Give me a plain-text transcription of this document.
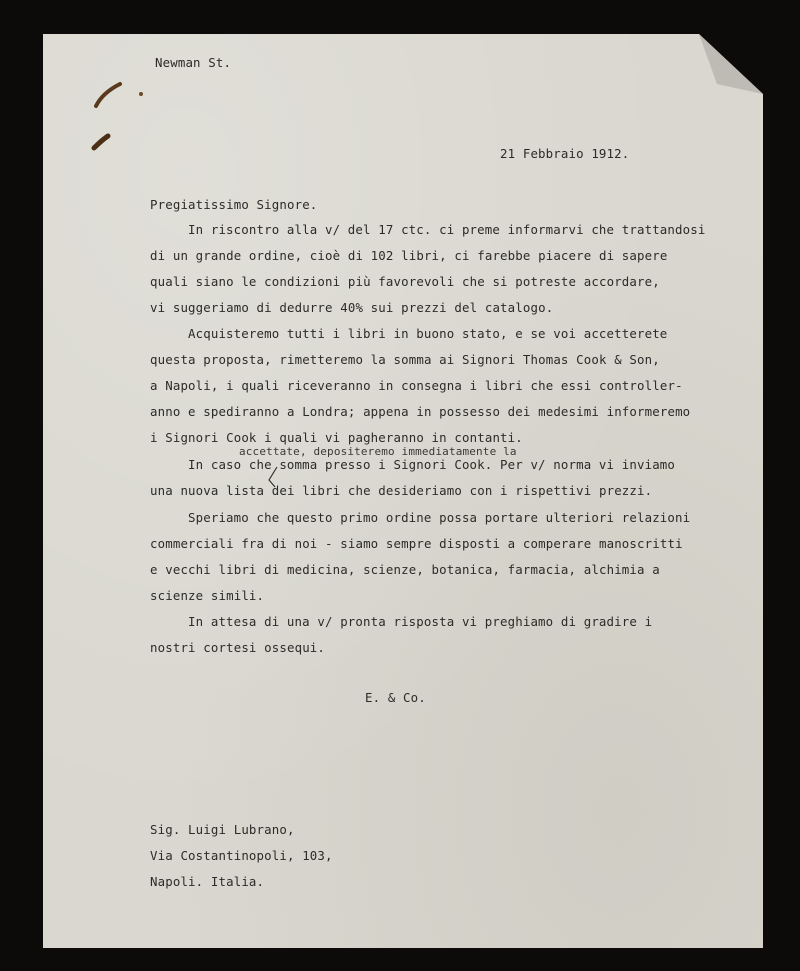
Newman St.
21 Febbraio 1912.
Pregiatissimo Signore.
In riscontro alla v/ del 17 ctc. ci preme informarvi che trattandosi
di un grande ordine, cioè di 102 libri, ci farebbe piacere di sapere
quali siano le condizioni più favorevoli che si potreste accordare,
vi suggeriamo di dedurre 40% sui prezzi del catalogo.
Acquisteremo tutti i libri in buono stato, e se voi accetterete
questa proposta, rimetteremo la somma ai Signori Thomas Cook & Son,
a Napoli, i quali riceveranno in consegna i libri che essi controller-
anno e spediranno a Londra; appena in possesso dei medesimi informeremo
i Signori Cook i quali vi pagheranno in contanti.
accettate, depositeremo immediatamente la
In caso che somma presso i Signori Cook. Per v/ norma vi inviamo
una nuova lista dei libri che desideriamo con i rispettivi prezzi.
Speriamo che questo primo ordine possa portare ulteriori relazioni
commerciali fra di noi - siamo sempre disposti a comperare manoscritti
e vecchi libri di medicina, scienze, botanica, farmacia, alchimia a
scienze simili.
In attesa di una v/ pronta risposta vi preghiamo di gradire i
nostri cortesi ossequi.
E. & Co.
Sig. Luigi Lubrano,
Via Costantinopoli, 103,
Napoli. Italia.
